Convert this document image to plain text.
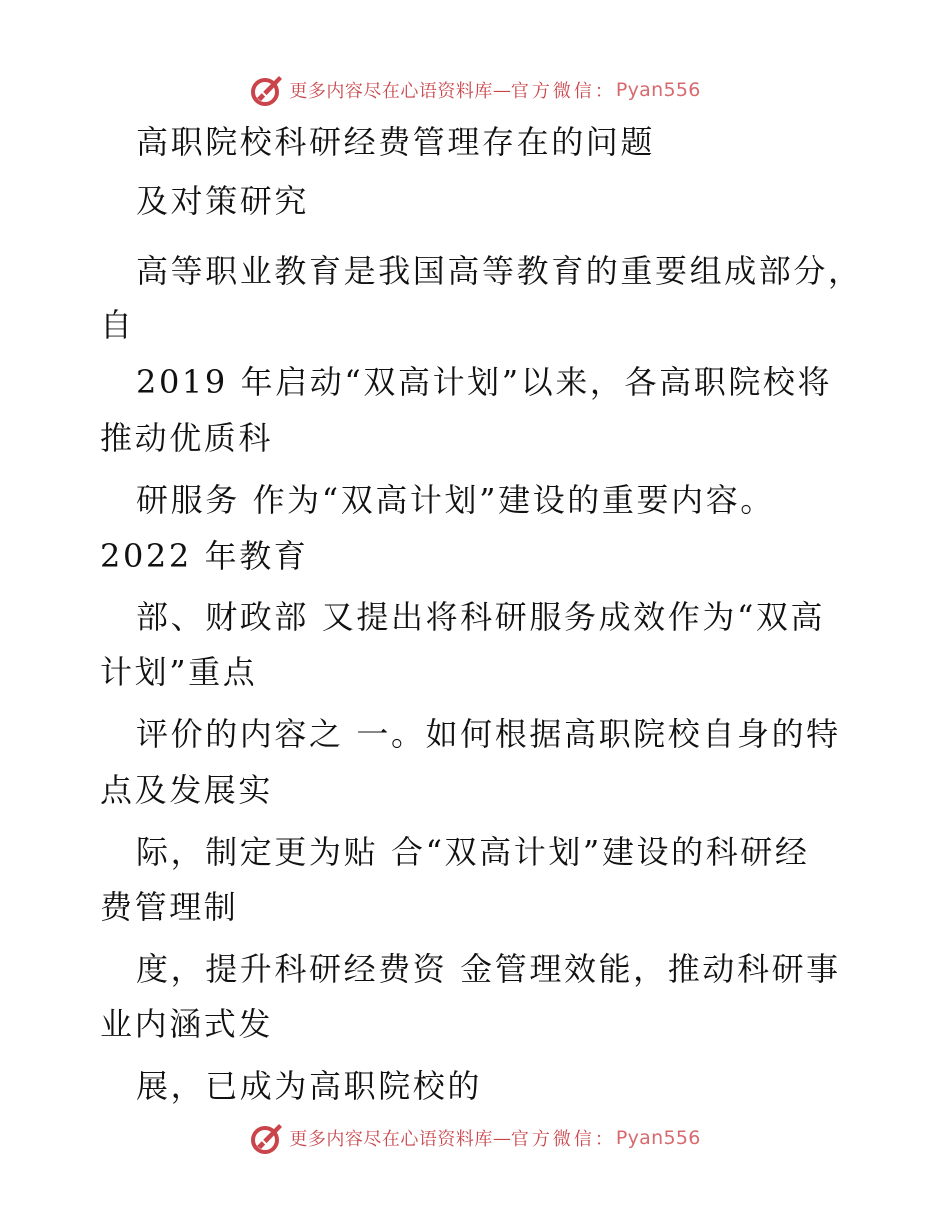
更多内容尽在心语资料库 — 官方微信： Pyan556
高职院校科研经费管理存在的问题
及对策研究
高等职业教育是我国高等教育的重要组成部分，
自
2019 年启动“双高计划”以来，各高职院校将
推动优质科
研服务 作为“双高计划”建设的重要内容。
2022 年教育
部、财政部 又提出将科研服务成效作为“双高
计划”重点
评价的内容之 一。如何根据高职院校自身的特
点及发展实
际，制定更为贴 合“双高计划”建设的科研经
费管理制
度，提升科研经费资 金管理效能，推动科研事
业内涵式发
展，已成为高职院校的
更多内容尽在心语资料库 — 官方微信： Pyan556
